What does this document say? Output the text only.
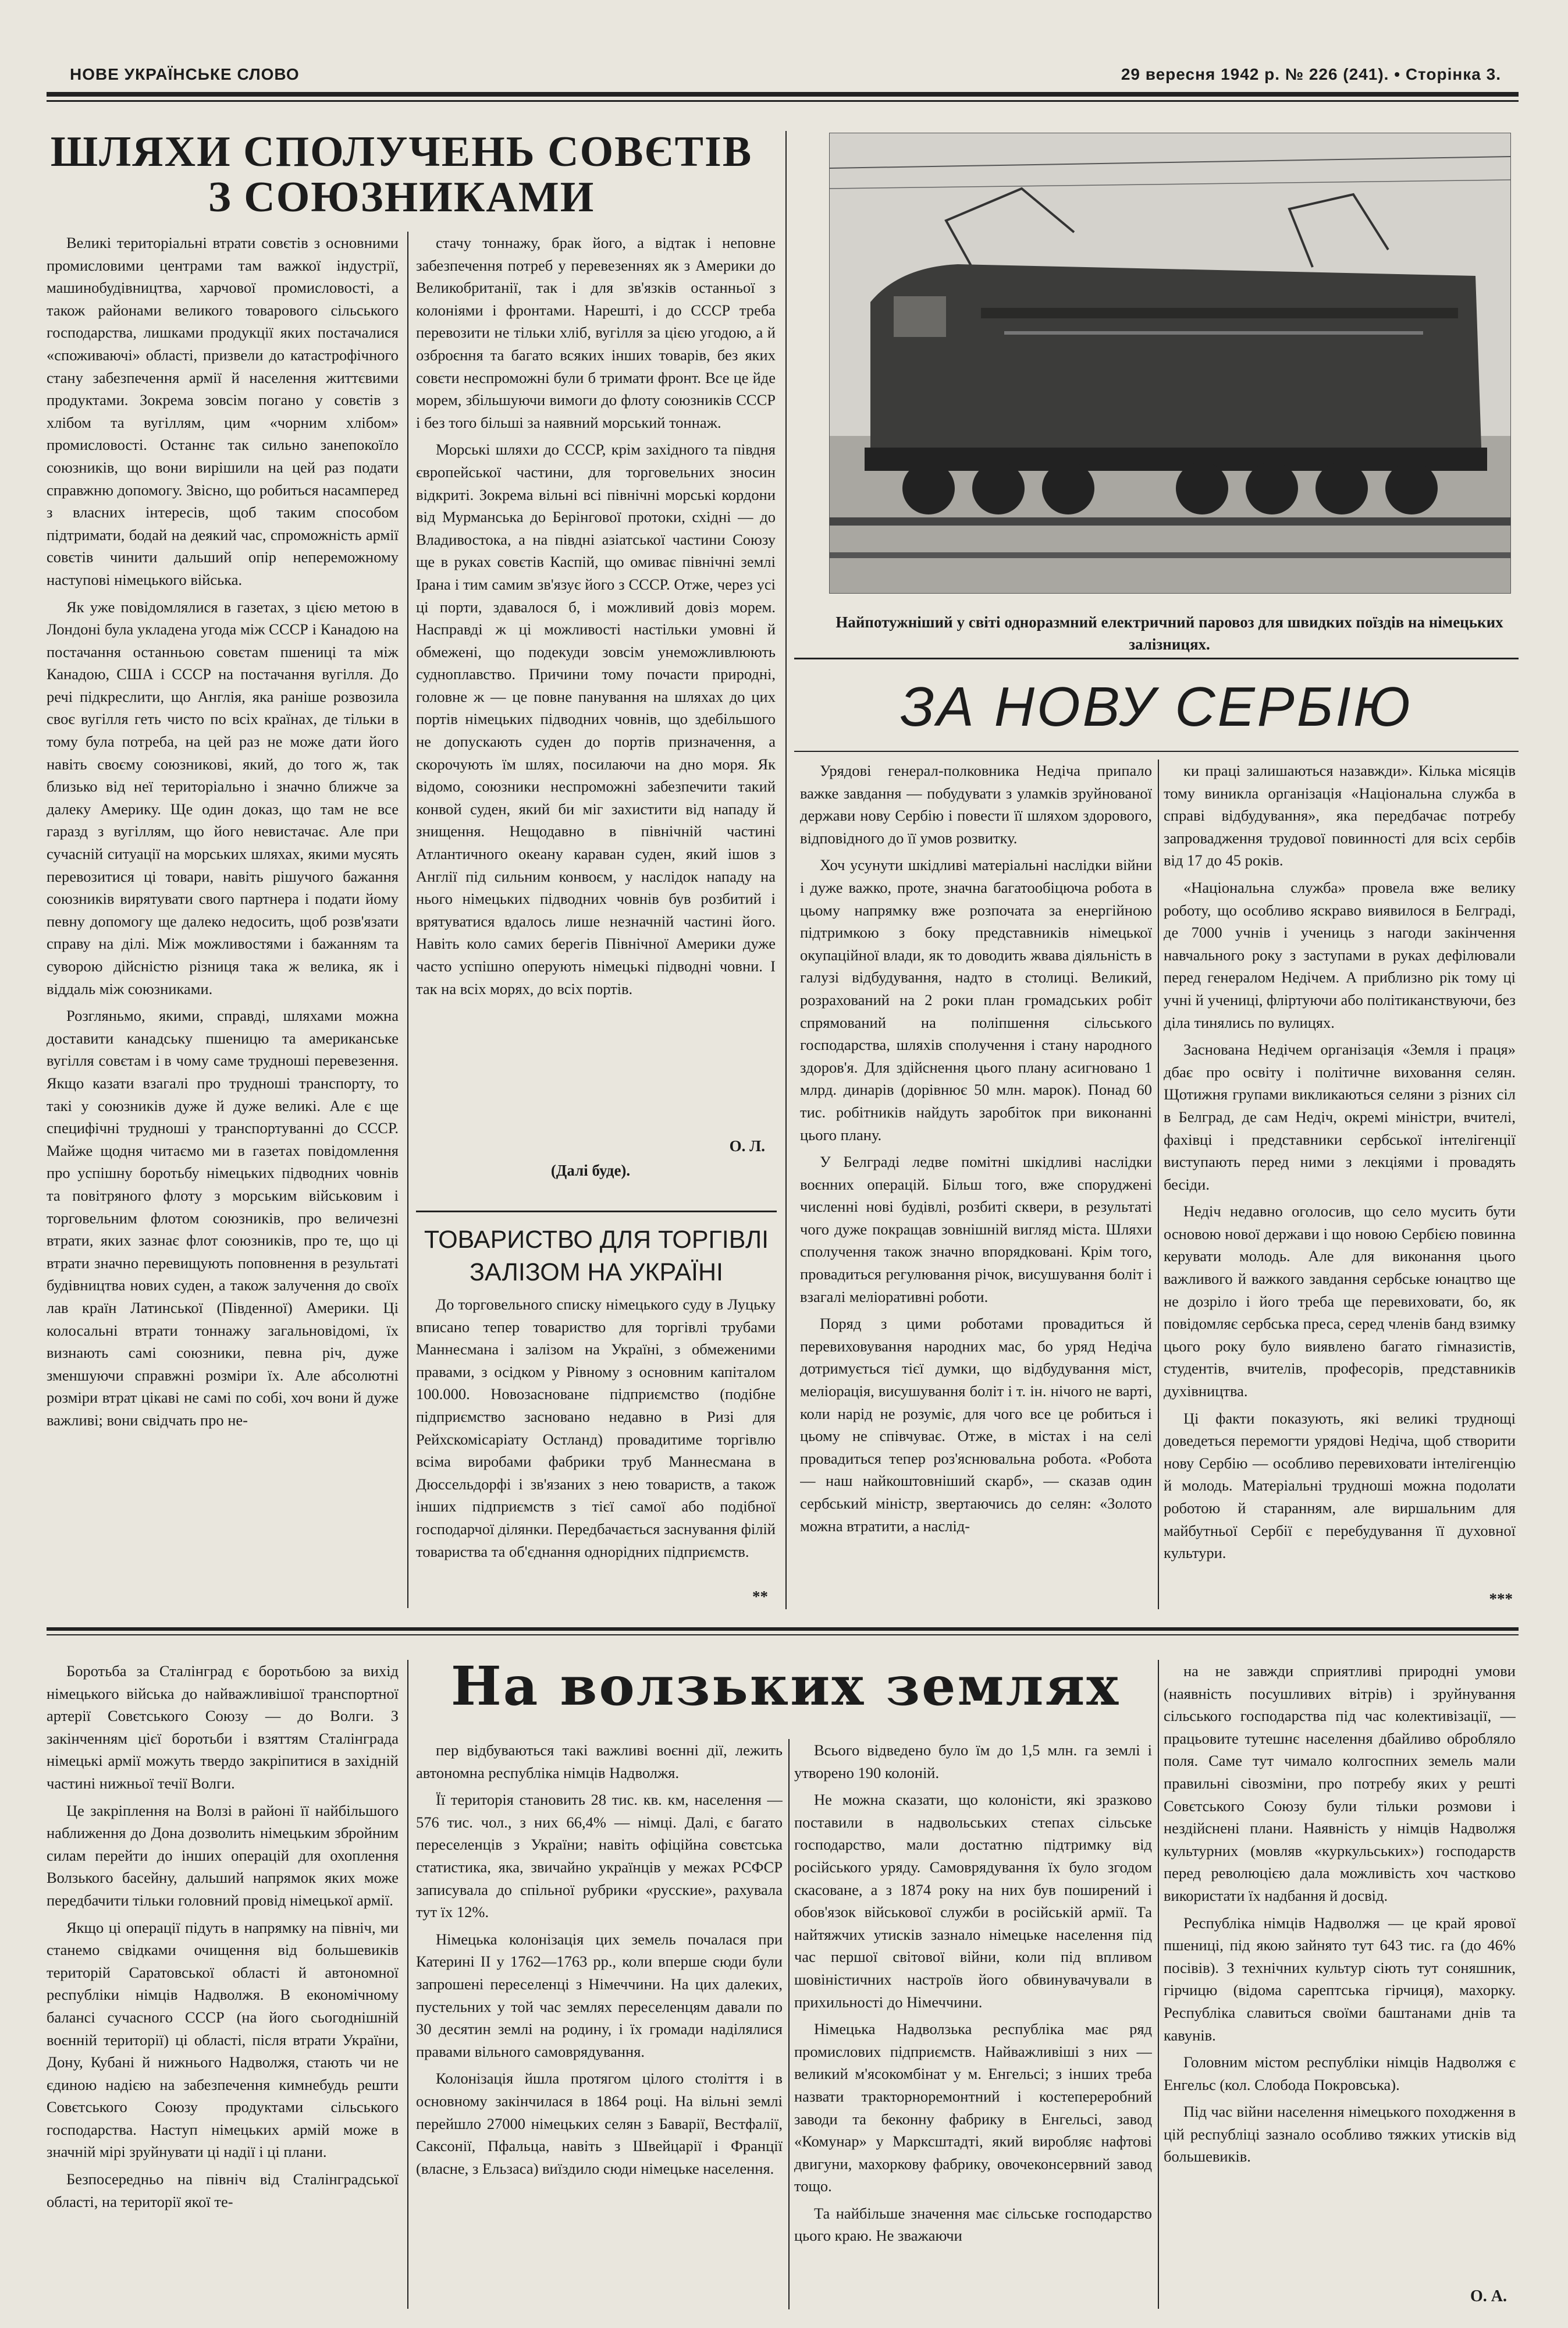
НОВЕ УКРАЇНСЬКЕ СЛОВО	29 вересня 1942 р. № 226 (241). • Сторінка 3.
ШЛЯХИ СПОЛУЧЕНЬ СОВЄТІВ
З СОЮЗНИКАМИ

Великі територіальні втрати совєтів з основними промисловими центрами там важкої індустрії, машинобудівництва, харчової промисловості, а також районами великого товарового сільського господарства, лишками продукції яких постачалися «споживаючі» області, призвели до катастрофічного стану забезпечення армії й населення життєвими продуктами. Зокрема зовсім погано у совєтів з хлібом та вугіллям, цим «чорним хлібом» промисловості. Останнє так сильно занепокоїло союзників, що вони вирішили на цей раз подати справжню допомогу. Звісно, що робиться насамперед з власних інтересів, щоб таким способом підтримати, бодай на деякий час, спроможність армії совєтів чинити дальший опір непереможному наступові німецького війська.

Як уже повідомлялися в газетах, з цією метою в Лондоні була укладена угода між СССР і Канадою на постачання останньою совєтам пшениці та між Канадою, США і СССР на постачання вугілля. До речі підкреслити, що Англія, яка раніше розвозила своє вугілля геть чисто по всіх країнах, де тільки в тому була потреба, на цей раз не може дати його навіть своєму союзникові, який, до того ж, так близько від неї територіально і значно ближче за далеку Америку. Ще один доказ, що там не все гаразд з вугіллям, що його невистачає. Але при сучасній ситуації на морських шляхах, якими мусять перевозитися ці товари, навіть рішучого бажання союзників вирятувати свого партнера і подати йому певну допомогу ще далеко недосить, щоб розв'язати справу на ділі. Між можливостями і бажанням та суворою дійсністю різниця така ж велика, як і віддаль між союзниками.

Розгляньмо, якими, справді, шляхами можна доставити канадську пшеницю та американське вугілля совєтам і в чому саме трудноші перевезення. Якщо казати взагалі про трудноші транспорту, то такі у союзників дуже й дуже великі. Але є ще специфічні трудноші у транспортуванні до СССР. Майже щодня читаємо ми в газетах повідомлення про успішну боротьбу німецьких підводних човнів та повітряного флоту з морським військовим і торговельним флотом союзників, про величезні втрати, яких зазнає флот союзників, про те, що ці втрати значно перевищують поповнення в результаті будівництва нових суден, а також залучення до своїх лав країн Латинської (Південної) Америки. Ці колосальні втрати тоннажу загальновідомі, їх визнають самі союзники, певна річ, дуже зменшуючи справжні розміри їх. Але абсолютні розміри втрат цікаві не самі по собі, хоч вони й дуже важливі; вони свідчать про не-

стачу тоннажу, брак його, а відтак і неповне забезпечення потреб у перевезеннях як з Америки до Великобританії, так і для зв'язків останньої з колоніями і фронтами. Нарешті, і до СССР треба перевозити не тільки хліб, вугілля за цією угодою, а й озброєння та багато всяких інших товарів, без яких совєти неспроможні були б тримати фронт. Все це йде морем, збільшуючи вимоги до флоту союзників СССР і без того більші за наявний морський тоннаж.

Морські шляхи до СССР, крім західного та півдня європейської частини, для торговельних зносин відкриті. Зокрема вільні всі північні морські кордони від Мурманська до Берінгової протоки, східні — до Владивостока, а на півдні азіатської частини Союзу ще в руках совєтів Каспій, що омиває північні землі Ірана і тим самим зв'язує його з СССР. Отже, через усі ці порти, здавалося б, і можливий довіз морем. Насправді ж ці можливості настільки умовні й обмежені, що подекуди зовсім унеможливлюють судноплавство. Причини тому почасти природні, головне ж — це повне панування на шляхах до цих портів німецьких підводних човнів, що здебільшого не допускають суден до портів призначення, а скорочують їм шлях, посилаючи на дно моря. Як відомо, союзники неспроможні забезпечити такий конвой суден, який би міг захистити від нападу й знищення. Нещодавно в північній частині Атлантичного океану караван суден, який ішов з Англії під сильним конвоєм, у наслідок нападу на нього німецьких підводних човнів був розбитий і врятуватися вдалось лише незначній частині його. Навіть коло самих берегів Північної Америки дуже часто успішно оперують німецькі підводні човни. І так на всіх морях, до всіх портів.

О. Л.
(Далі буде).
ТОВАРИСТВО ДЛЯ ТОРГІВЛІ
ЗАЛІЗОМ НА УКРАЇНІ

До торговельного списку німецького суду в Луцьку вписано тепер товариство для торгівлі трубами Маннесмана і залізом на Україні, з обмеженими правами, з осідком у Рівному з основним капіталом 100.000. Новозасноване підприємство (подібне підприємство засновано недавно в Ризі для Рейхскомісаріату Остланд) провадитиме торгівлю всіма виробами фабрики труб Маннесмана в Дюссельдорфі і зв'язаних з нею товариств, а також інших підприємств з тієї самої або подібної господарчої ділянки. Передбачається заснування філій товариства та об'єднання однорідних підприємств.

**
Найпотужніший у світі одноразмний електричний паровоз для швидких поїздів на німецьких залізницях.
ЗА НОВУ СЕРБІЮ

Урядові генерал-полковника Недіча припало важке завдання — побудувати з уламків зруйнованої держави нову Сербію і повести її шляхом здорового, відповідного до її умов розвитку.

Хоч усунути шкідливі матеріальні наслідки війни і дуже важко, проте, значна багатообіцюча робота в цьому напрямку вже розпочата за енергійною підтримкою з боку представників німецької окупаційної влади, як то доводить жвава діяльність в галузі відбудування, надто в столиці. Великий, розрахований на 2 роки план громадських робіт спрямований на поліпшення сільського господарства, шляхів сполучення і стану народного здоров'я. Для здійснення цього плану асигновано 1 млрд. динарів (дорівнює 50 млн. марок). Понад 60 тис. робітників найдуть заробіток при виконанні цього плану.

У Белграді ледве помітні шкідливі наслідки воєнних операцій. Більш того, вже споруджені численні нові будівлі, розбиті сквери, в результаті чого дуже покращав зовнішній вигляд міста. Шляхи сполучення також значно впорядковані. Крім того, провадиться регулювання річок, висушування боліт і взагалі меліоративні роботи.

Поряд з цими роботами провадиться й перевиховування народних мас, бо уряд Недіча дотримується тієї думки, що відбудування міст, меліорація, висушування боліт і т. ін. нічого не варті, коли нарід не розуміє, для чого все це робиться і цьому не співчуває. Отже, в містах і на селі провадиться тепер роз'яснювальна робота. «Робота — наш найкоштовніший скарб», — сказав один сербський міністр, звертаючись до селян: «Золото можна втратити, а наслід-

ки праці залишаються назавжди». Кілька місяців тому виникла організація «Національна служба в справі відбудування», яка передбачає потребу запровадження трудової повинності для всіх сербів від 17 до 45 років.

«Національна служба» провела вже велику роботу, що особливо яскраво виявилося в Белграді, де 7000 учнів і учениць з нагоди закінчення навчального року з заступами в руках дефілювали перед генералом Недічем. А приблизно рік тому ці учні й учениці, фліртуючи або політиканствуючи, без діла тинялись по вулицях.

Заснована Недічем організація «Земля і праця» дбає про освіту і політичне виховання селян. Щотижня групами викликаються селяни з різних сіл в Белград, де сам Недіч, окремі міністри, вчителі, фахівці і представники сербської інтелігенції виступають перед ними з лекціями і провадять бесіди.

Недіч недавно оголосив, що село мусить бути основою нової держави і що новою Сербією повинна керувати молодь. Але для виконання цього важливого й важкого завдання сербське юнацтво ще не дозріло і його треба ще перевиховати, бо, як повідомляє сербська преса, серед членів банд взимку цього року було виявлено багато гімназистів, студентів, вчителів, професорів, представників духівництва.

Ці факти показують, які великі труднощі доведеться перемогти урядові Недіча, щоб створити нову Сербію — особливо перевиховати інтелігенцію й молодь. Матеріальні трудноші можна подолати роботою й старанням, але виршальним для майбутньої Сербії є перебудування її духовної культури.

***
На волзьких землях

Боротьба за Сталінград є боротьбою за вихід німецького війська до найважливішої транспортної артерії Совєтського Союзу — до Волги. З закінченням цієї боротьби і взяттям Сталінграда німецькі армії можуть твердо закріпитися в західній частині нижньої течії Волги.

Це закріплення на Волзі в районі її найбільшого наближення до Дона дозволить німецьким збройним силам перейти до інших операцій для охоплення Волзького басейну, дальший напрямок яких може передбачити тільки головний провід німецької армії.

Якщо ці операції підуть в напрямку на північ, ми станемо свідками очищення від большевиків територій Саратовської області й автономної республіки німців Надволжя. В економічному балансі сучасного СССР (на його сьогоднішній воєнній території) ці області, після втрати України, Дону, Кубані й нижнього Надволжя, стають чи не єдиною надією на забезпечення кимнебудь решти Совєтського Союзу продуктами сільського господарства. Наступ німецьких армій може в значній мірі зруйнувати ці надії і ці плани.

Безпосередньо на північ від Сталінградської області, на території якої те-

пер відбуваються такі важливі воєнні дії, лежить автономна республіка німців Надволжя.

Її територія становить 28 тис. кв. км, населення — 576 тис. чол., з них 66,4% — німці. Далі, є багато переселенців з України; навіть офіційна совєтська статистика, яка, звичайно українців у межах РСФСР записувала до спільної рубрики «русские», рахувала тут їх 12%.

Німецька колонізація цих земель почалася при Катерині II у 1762—1763 рр., коли вперше сюди були запрошені переселенці з Німеччини. На цих далеких, пустельних у той час землях переселенцям давали по 30 десятин землі на родину, і їх громади наділялися правами вільного самоврядування.

Колонізація йшла протягом цілого століття і в основному закінчилася в 1864 році. На вільні землі перейшло 27000 німецьких селян з Баварії, Вестфалії, Саксонії, Пфальца, навіть з Швейцарії і Франції (власне, з Ельзаса) виїздило сюди німецьке населення.

Всього відведено було їм до 1,5 млн. га землі і утворено 190 колоній.

Не можна сказати, що колоністи, які зразково поставили в надвольських степах сільське господарство, мали достатню підтримку від російського уряду. Самоврядування їх було згодом скасоване, а з 1874 року на них був поширений і обов'язок військової служби в російській армії. Та найтяжчих утисків зазнало німецьке населення під час першої світової війни, коли під впливом шовіністичних настроїв його обвинувачували в прихильності до Німеччини.

Німецька Надволзька республіка має ряд промислових підприємств. Найважливіші з них — великий м'ясокомбінат у м. Енгельсі; з інших треба назвати тракторноремонтний і костепереробний заводи та беконну фабрику в Енгельсі, завод «Комунар» у Марксштадті, який виробляє нафтові двигуни, махоркову фабрику, овочеконсервний завод тощо.

Та найбільше значення має сільське господарство цього краю. Не зважаючи

на не завжди сприятливі природні умови (наявність посушливих вітрів) і зруйнування сільського господарства під час колективізації, — працьовите тутешнє населення дбайливо обробляло поля. Саме тут чимало колгоспних земель мали правильні сівозміни, про потребу яких у решті Совєтського Союзу були тільки розмови і нездійснені плани. Наявність у німців Надволжя культурних (мовляв «куркульських») господарств перед революцією дала можливість хоч частково використати їх надбання й досвід.

Республіка німців Надволжя — це край ярової пшениці, під якою зайнято тут 643 тис. га (до 46% посівів). З технічних культур сіють тут соняшник, гірчицю (відома сарептська гірчиця), махорку. Республіка славиться своїми баштанами днів та кавунів.

Головним містом республіки німців Надволжя є Енгельс (кол. Слобода Покровська).

Під час війни населення німецького походження в цій республіці зазнало особливо тяжких утисків від большевиків.

О. А.
